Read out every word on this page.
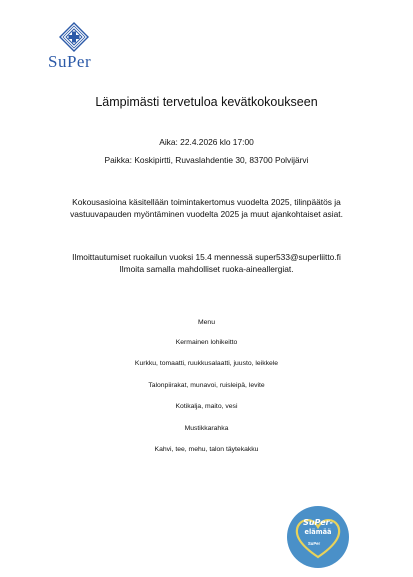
SuPer
Lämpimästi tervetuloa kevätkokoukseen
Aika: 22.4.2026 klo 17:00
Paikka: Koskipirtti, Ruvaslahdentie 30, 83700 Polvijärvi
Kokousasioina käsitellään toimintakertomus vuodelta 2025, tilinpäätös ja
vastuuvapauden myöntäminen vuodelta 2025 ja muut ajankohtaiset asiat.
Ilmoittautumiset ruokailun vuoksi 15.4 mennessä super533@superliitto.fi
Ilmoita samalla mahdolliset ruoka-aineallergiat.
Menu
Kermainen lohikeitto
Kurkku, tomaatti, ruukkusalaatti, juusto, leikkele
Talonpiirakat, munavoi, ruisleipä, levite
Kotikalja, maito, vesi
Mustikkarahka
Kahvi, tee, mehu, talon täytekakku
SuPer-
elämää
SuPer
